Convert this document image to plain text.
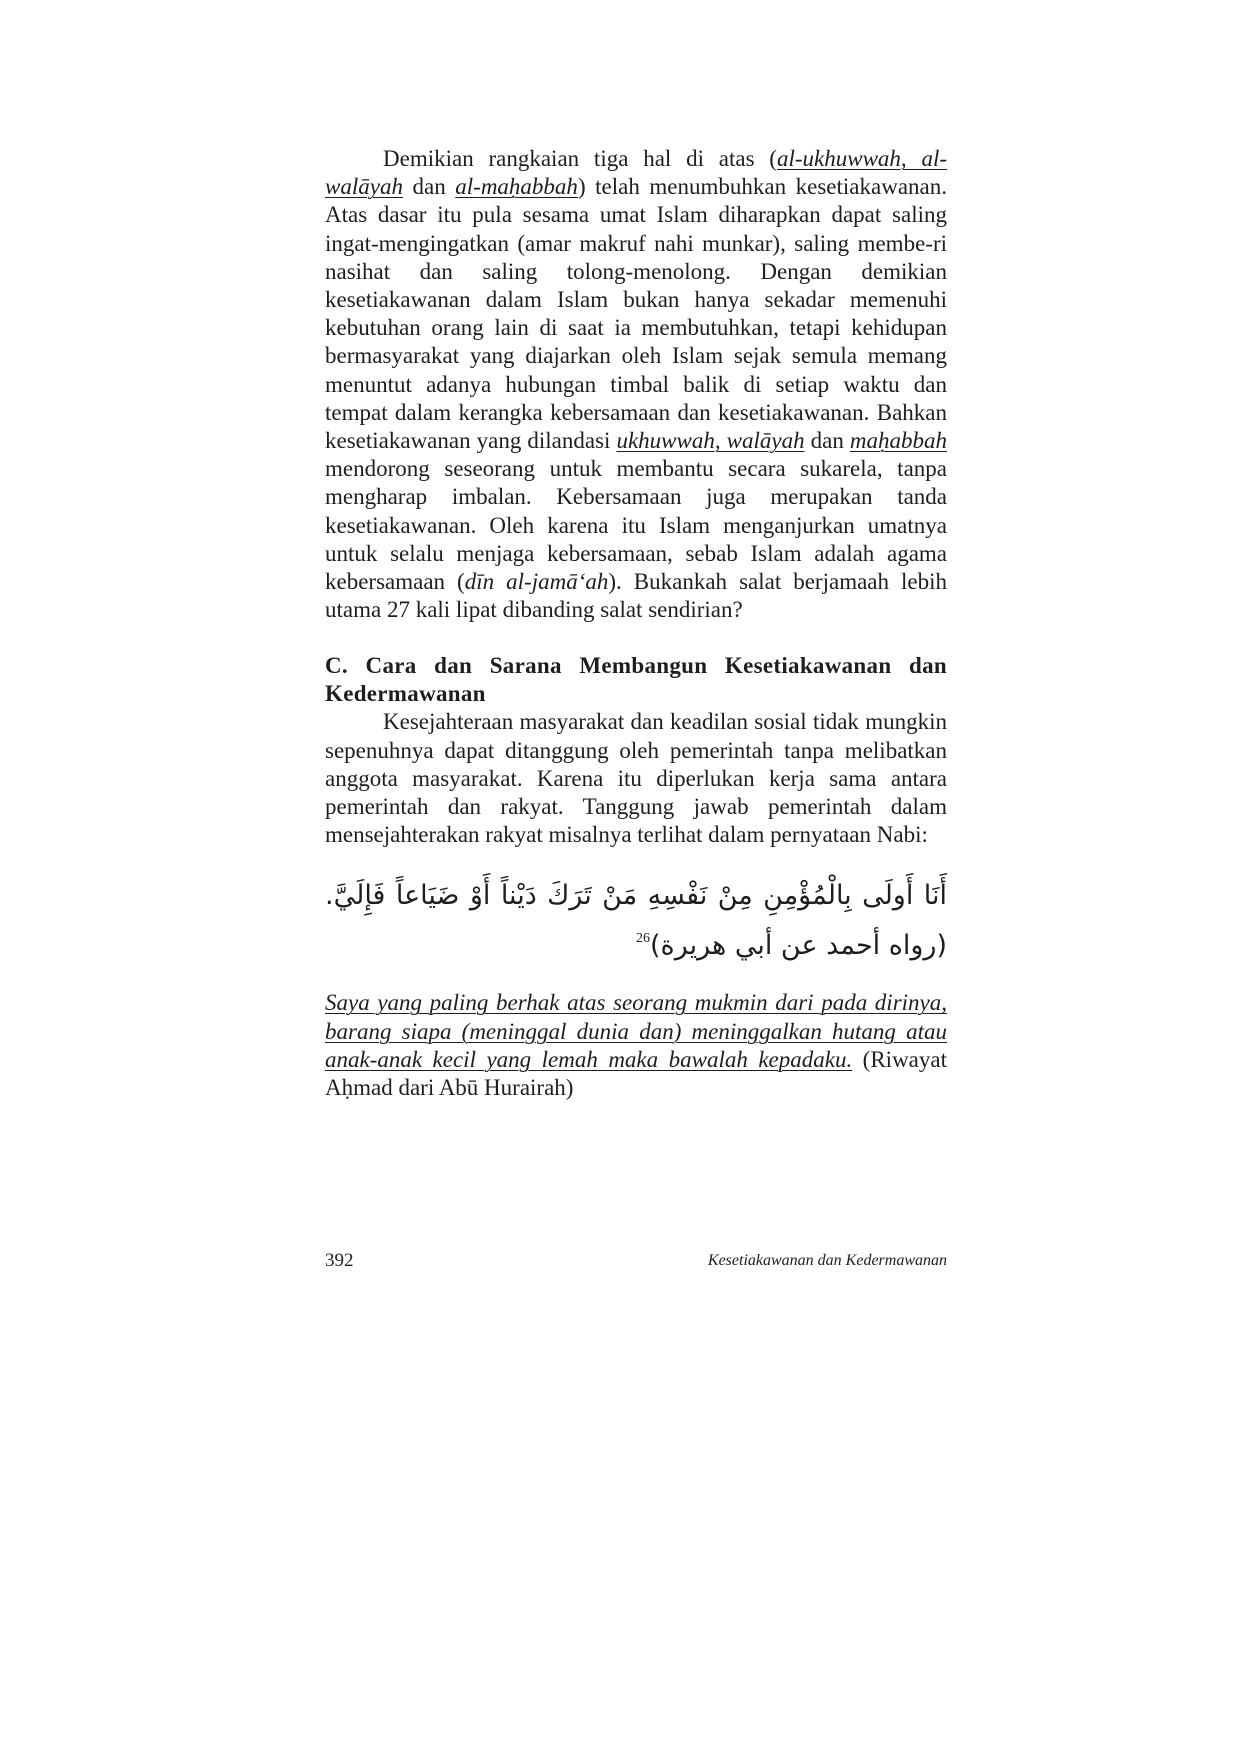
Demikian rangkaian tiga hal di atas (al-ukhuwwah, al-walāyah dan al-maḥabbah) telah menumbuhkan kesetiakawanan. Atas dasar itu pula sesama umat Islam diharapkan dapat saling ingat-mengingatkan (amar makruf nahi munkar), saling membe-ri nasihat dan saling tolong-menolong. Dengan demikian kesetiakawanan dalam Islam bukan hanya sekadar memenuhi kebutuhan orang lain di saat ia membutuhkan, tetapi kehidupan bermasyarakat yang diajarkan oleh Islam sejak semula memang menuntut adanya hubungan timbal balik di setiap waktu dan tempat dalam kerangka kebersamaan dan kesetiakawanan. Bahkan kesetiakawanan yang dilandasi ukhuwwah, walāyah dan maḥabbah mendorong seseorang untuk membantu secara sukarela, tanpa mengharap imbalan. Kebersamaan juga merupakan tanda kesetiakawanan. Oleh karena itu Islam menganjurkan umatnya untuk selalu menjaga kebersamaan, sebab Islam adalah agama kebersamaan (dīn al-jamā‘ah). Bukankah salat berjamaah lebih utama 27 kali lipat dibanding salat sendirian?

C. Cara dan Sarana Membangun Kesetiakawanan dan Kedermawanan

Kesejahteraan masyarakat dan keadilan sosial tidak mungkin sepenuhnya dapat ditanggung oleh pemerintah tanpa melibatkan anggota masyarakat. Karena itu diperlukan kerja sama antara pemerintah dan rakyat. Tanggung jawab pemerintah dalam mensejahterakan rakyat misalnya terlihat dalam pernyataan Nabi:

أَنَا أَولَى بِالْمُؤْمِنِ مِنْ نَفْسِهِ مَنْ تَرَكَ دَيْناً أَوْ ضَيَاعاً فَإِلَيَّ. (رواه أحمد عن أبي هريرة)$^{26}$

Saya yang paling berhak atas seorang mukmin dari pada dirinya, barang siapa (meninggal dunia dan) meninggalkan hutang atau anak-anak kecil yang lemah maka bawalah kepadaku. (Riwayat Aḥmad dari Abū Hurairah)

392	Kesetiakawanan dan Kedermawanan
